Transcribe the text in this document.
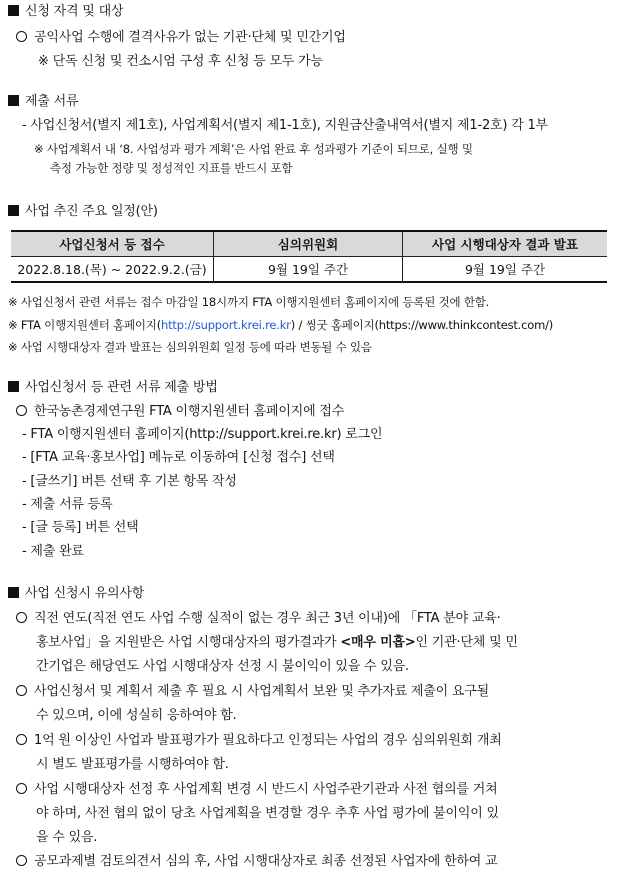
신청 자격 및 대상
공익사업 수행에 결격사유가 없는 기관·단체 및 민간기업
※ 단독 신청 및 컨소시엄 구성 후 신청 등 모두 가능
제출 서류
- 사업신청서(별지 제1호), 사업계획서(별지 제1-1호), 지원금산출내역서(별지 제1-2호) 각 1부
※ 사업계획서 내 ‘8. 사업성과 평가 계획’은 사업 완료 후 성과평가 기준이 되므로, 실행 및
측정 가능한 정량 및 정성적인 지표를 반드시 포함
사업 추진 주요 일정(안)
사업신청서 등 접수	심의위원회	사업 시행대상자 결과 발표
2022.8.18.(목) ~ 2022.9.2.(금)	9월 19일 주간	9월 19일 주간
※ 사업신청서 관련 서류는 접수 마감일 18시까지 FTA 이행지원센터 홈페이지에 등록된 것에 한함.
※ FTA 이행지원센터 홈페이지(http://support.krei.re.kr) / 씽굿 홈페이지(https://www.thinkcontest.com/)
※ 사업 시행대상자 결과 발표는 심의위원회 일정 등에 따라 변동될 수 있음
사업신청서 등 관련 서류 제출 방법
한국농촌경제연구원 FTA 이행지원센터 홈페이지에 접수
- FTA 이행지원센터 홈페이지(http://support.krei.re.kr) 로그인
- [FTA 교육·홍보사업] 메뉴로 이동하여 [신청 접수] 선택
- [글쓰기] 버튼 선택 후 기본 항목 작성
- 제출 서류 등록
- [글 등록] 버튼 선택
- 제출 완료
사업 신청시 유의사항
직전 연도(직전 연도 사업 수행 실적이 없는 경우 최근 3년 이내)에 「FTA 분야 교육·
홍보사업」을 지원받은 사업 시행대상자의 평가결과가 <매우 미흡>인 기관·단체 및 민
간기업은 해당연도 사업 시행대상자 선정 시 불이익이 있을 수 있음.
사업신청서 및 계획서 제출 후 필요 시 사업계획서 보완 및 추가자료 제출이 요구될
수 있으며, 이에 성실히 응하여야 함.
1억 원 이상인 사업과 발표평가가 필요하다고 인정되는 사업의 경우 심의위원회 개최
시 별도 발표평가를 시행하여야 함.
사업 시행대상자 선정 후 사업계획 변경 시 반드시 사업주관기관과 사전 협의를 거쳐
야 하며, 사전 협의 없이 당초 사업계획을 변경할 경우 추후 사업 평가에 불이익이 있
을 수 있음.
공모과제별 검토의견서 심의 후, 사업 시행대상자로 최종 선정된 사업자에 한하여 교
